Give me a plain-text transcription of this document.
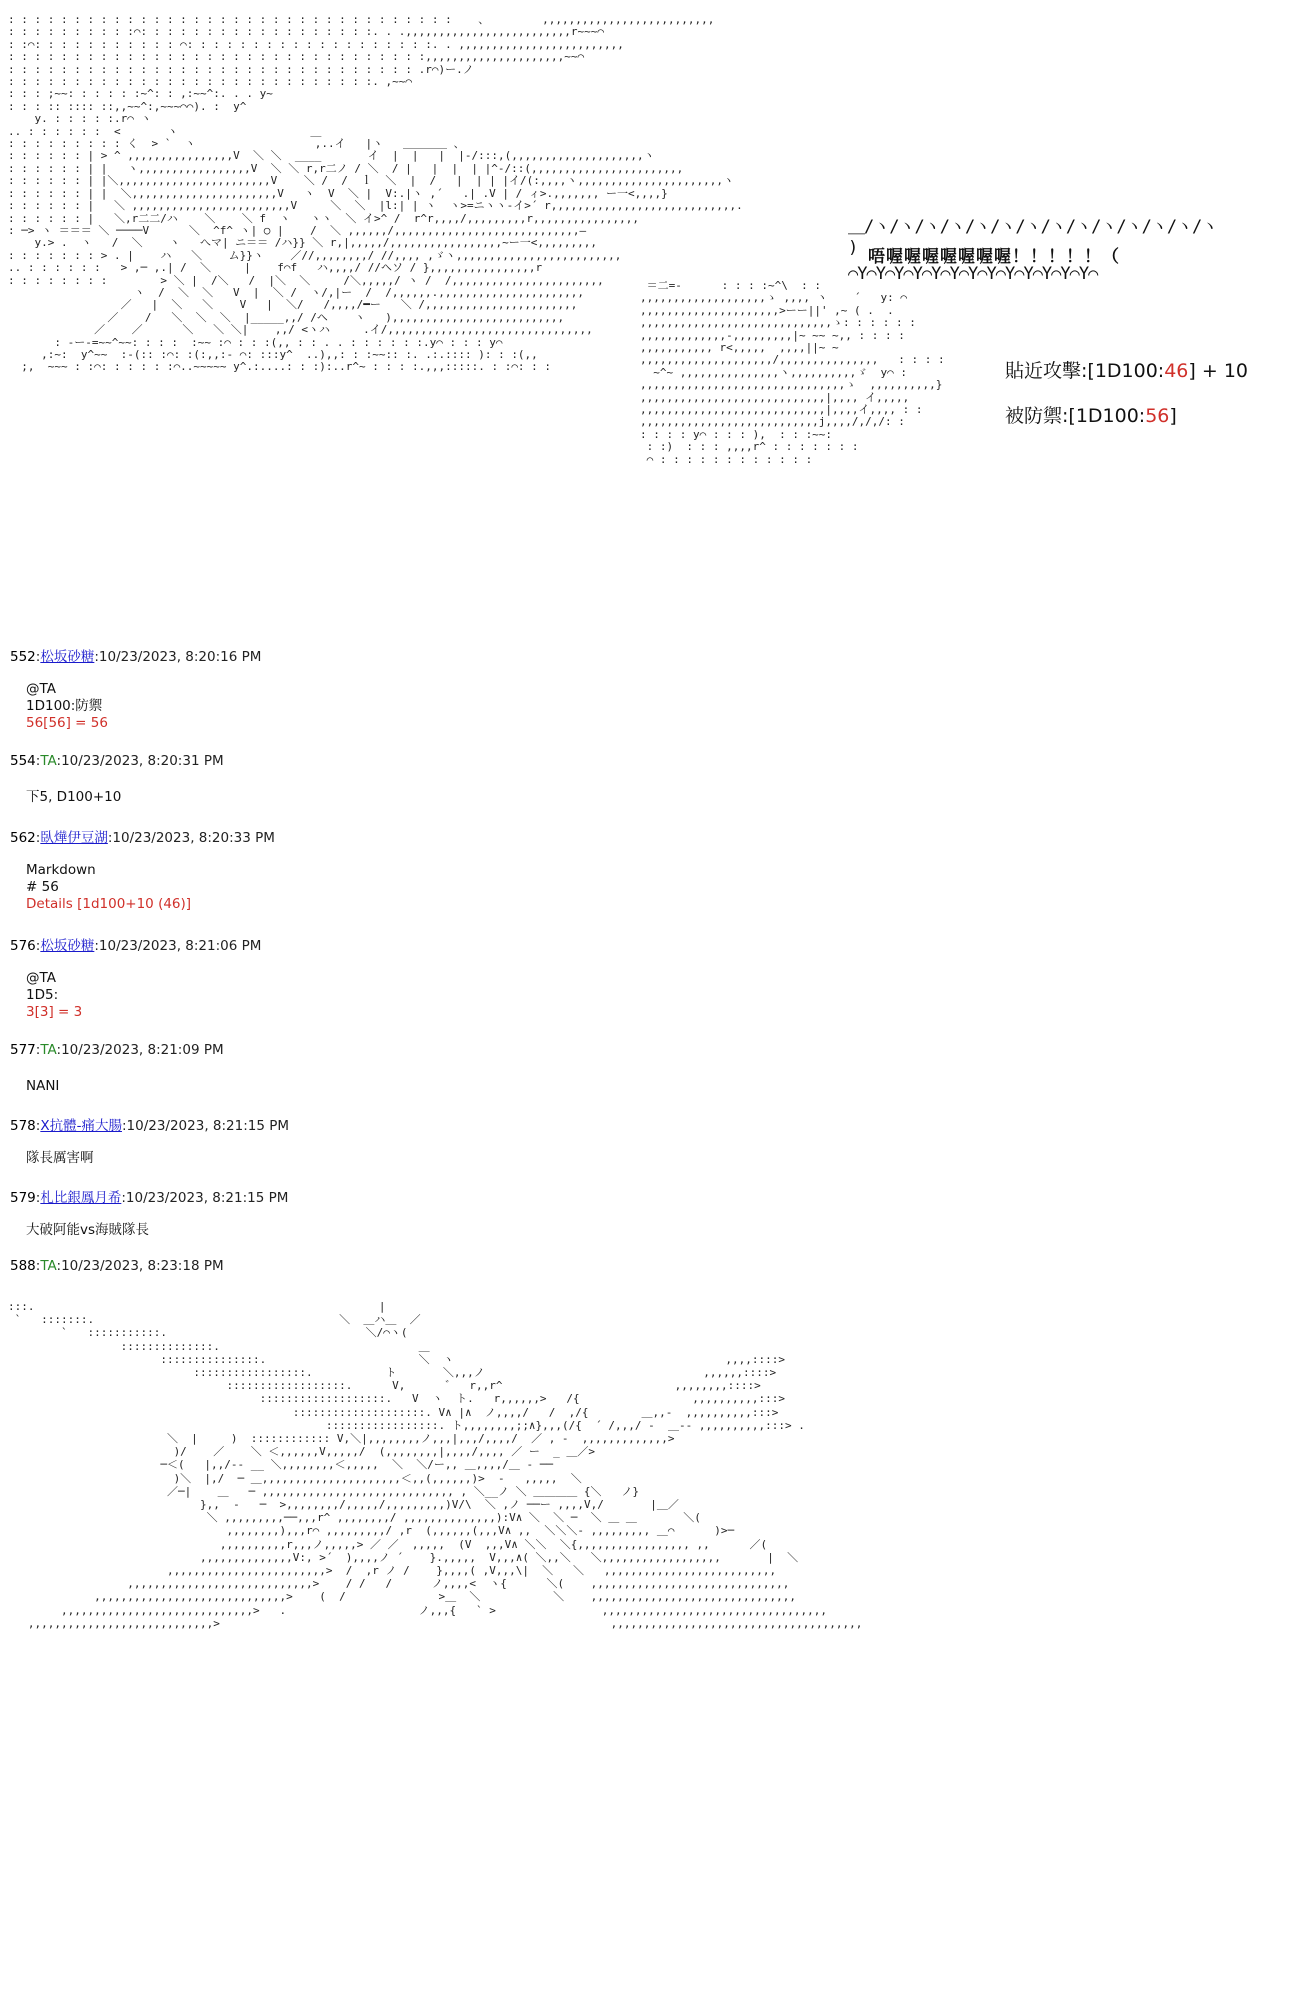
: : : : : : : : : : : : : : : : : : : : : : : : : : : : : : : : : :    、        ,,,,,,,,,,,,,,,,,,,,,,,,,,
: : : : : : : : : :⌒: : : : : : : : : : : : : : : : : :. . .,,,,,,,,,,,,,,,,,,,,,,,,,r~~~⌒
: :⌒: : : : : : : : : : : ⌒: : : : : : : : : : : : : : : : : : :. . ,,,,,,,,,,,,,,,,,,,,,,,,,
: : : : : : : : : : : : : : : : : : : : : : : : : : : : : : : :,,,,,,,,,,,,,,,,,,,,,~~⌒
: : : : : : : : : : : : : : : : : : : : : : : : : : : : : : : .r⌒)ー.ノ
: : : : : : : : : : : : : : : : : : : : : : : : : : : :. ,~~⌒
: : : ;~~: : : : : :~^: : ,:~~^:. . . y~
: : : :: :::: ::,,~~^:,~~~⌒⌒). :  y^
y. : : : : :.r⌒ ヽ
.. : : : : : :  <       ヽ                    ＿
: : : : : : : : : く  > `  ヽ                  ,..イ   |ヽ   ＿＿＿＿ 、
: : : : : : | > ^ ,,,,,,,,,,,,,,,,V  ＼ ＼  ____       イ  |  |   |  |-/:::,(,,,,,,,,,,,,,,,,,,,,ヽ
: : : : : : | |   ヽ,,,,,,,,,,,,,,,,,V  ＼ ＼ r,r二ノ / ＼  / |   |  |  | |^-/::(,,,,,,,,,,,,,,,,,,,,,,,
: : : : : : | |＼,,,,,,,,,,,,,,,,,,,,,,,V    ＼ /  /  ｌ  ＼  |  /   |  | | |イ/(:,,,,ヽ,,,,,,,,,,,,,,,,,,,,,,ヽ
: : : : : : | |  ＼,,,,,,,,,,,,,,,,,,,,,,V   ヽ  V  ＼ |  V:.|ヽ ,´   .| .V | / ィ>.,,,,,,, ー一<,,,,}
: : : : : : |   ＼ ,,,,,,,,,,,,,,,,,,,,,,,,V     ＼  ＼  |l:| | ヽ  ヽ>=ニヽヽ-イ>´ r,,,,,,,,,,,,,,,,,,,,,,,,,,,,.
: : : : : : |   ＼,r二二/ハ    ＼    ＼ f  ヽ   ヽヽ  ＼ イ>^ /  r^r,,,,/,,,,,,,,,r,,,,,,,,,,,,,,,,
: ─> ヽ ＝＝＝ ＼ ────V      ＼  ^f^ ヽ| ○ |    /  ＼ ,,,,,,/,,,,,,,,,,,,,,,,,,,,,,,,,,,,―
y.> .  ヽ   /  ＼    ヽ   へマ| ニ＝＝ /ハ}} ＼ r,|,,,,,/,,,,,,,,,,,,,,,,,~ー一<,,,,,,,,,
: : : : : : : > . |    ハ   ＼    ム}}ヽ    ／//,,,,,,,,/ //,,,, ,ゞヽ,,,,,,,,,,,,,,,,,,,,,,,,,
.. : : : : : :   > ,─ ,.| /  ＼     |    f⌒f   ハ,,,,/ //ヘソ / },,,,,,,,,,,,,,,,r
: : : : : : : :        > ＼ |  /＼   /  |＼  ＼     /＼,,,,,/ ヽ /  /,,,,,,,,,,,,,,,,,,,,,,,
ヽ  /  ＼  ＼   V  |  ＼ /  ヽ/,|ー  /  /,,,,,,.,,,,,,,,,,,,,,,,,,,,,,
／   |  ＼   ＼    V   |  ＼/   /,,,,/━ー   ＼ /,,,,,,,,,,,,,,,,,,,,,,,
／    /   ＼  ＼  ＼  |_____,,/ /ヘ    ヽ   ),,,,,,,,,,,,,,,,,,,,,,,,,,
／    ／      ＼   ＼ ＼|    ,,/ <ヽハ     .イ/,,,,,,,,,,,,,,,,,,,,,,,,,,,,,,,
: -ー-=~~^~~: : : :  :~~ :⌒ : : :(,, : : . . : : : : : :.y⌒ : : : y⌒
,:~:  y^~~  :-(:: :⌒: :(:,,:- ⌒: :::y^  ..),,: : :~~:: :. .:.:::: ): : :(,,
;,  ~~~ : :⌒: : : : : :⌒..~~~~~ y^.:....: : :):..r^~ : : : :.,,,:::::. : :⌒: : :

＝二=-      : : : :~^\  : :
,,,,,,,,,,,,,,,,,,,ゝ ,,,, ヽ    ´   y: ⌒
,,,,,,,,,,,,,,,,,,,,,>ーー||' ,~ ( .  .
,,,,,,,,,,,,,,,,,,,,,,,,,,,,,ゝ: : : : : :
,,,,,,,,,,,,,-,,,,,,,,,|~ ~~ ~,, : : : :
,,,,,,,,,,, r<,,,,,  ,,,,||~ ~
,,,,,,,,,,,,,,,,,,,,/,,,,,,,,,,,,,,,   : : : :
~^~ ,,,,,,,,,,,,,,,ヽ,,,,,,,,,,ゞ  y⌒ :
,,,,,,,,,,,,,,,,,,,,,,,,,,,,,,,ゝ  ,,,,,,,,,,}
,,,,,,,,,,,,,,,,,,,,,,,,,,,,|,,,, イ,,,,,
,,,,,,,,,,,,,,,,,,,,,,,,,,,,|,,,,イ,,,, : :
,,,,,,,,,,,,,,,,,,,,,,,,,,,j,,,,/,/,/: :
: : : : y⌒ : : : ),  : : :~~:
: :)  : : : ,,,,r^ : : : : : : :
⌒ : : : : : : : : : : : :

＿/ヽ/ヽ/ヽ/ヽ/ヽ/ヽ/ヽ/ヽ/ヽ/ヽ/ヽ/ヽ/ヽ/ヽ
) 唔喔喔喔喔喔喔喔！！！！！（
⌒Y⌒Y⌒Y⌒Y⌒Y⌒Y⌒Y⌒Y⌒Y⌒Y⌒Y⌒Y⌒Y⌒
貼近攻擊:[1D100:46] + 10
被防禦:[1D100:56]
552:松坂砂糖:10/23/2023, 8:20:16 PM
@TA
1D100:防禦
56[56] = 56
554:TA:10/23/2023, 8:20:31 PM
下5, D100+10
562:臥燁伊豆湖:10/23/2023, 8:20:33 PM
Markdown
# 56
Details [1d100+10 (46)]
576:松坂砂糖:10/23/2023, 8:21:06 PM
@TA
1D5:
3[3] = 3
577:TA:10/23/2023, 8:21:09 PM
NANI
578:X抗體-痛大腸:10/23/2023, 8:21:15 PM
隊長厲害啊
579:札比銀鳳月希:10/23/2023, 8:21:15 PM
大破阿能vs海賊隊長
588:TA:10/23/2023, 8:23:18 PM
:::.                                                    |
`   :::::::.                                     ＼  ＿ハ＿  ／
`   :::::::::::.                              ＼/⌒ヽ(
::::::::::::::.                              ＿
:::::::::::::::.                       ＼  ヽ                                         ,,,,::::>
:::::::::::::::::.           ト       ＼,,,ノ                                 ,,,,,,::::>
::::::::::::::::::.      V,      ゛  r,,r^                          ,,,,,,,,::::>
:::::::::::::::::::.   V  ヽ  ト.   r,,,,,,>   /{                 ,,,,,,,,,,:::>
::::::::::::::::::::. V∧ |∧  ノ,,,,/   /  ,/{        ＿,,-  ,,,,,,,,,,:::>
:::::::::::::::::. ト,,,,,,,,;;∧},,,(/{  ´ /,,,/ -  ＿-- ,,,,,,,,,,:::> .
＼  |     )  :::::::::::: V,＼|,,,,,,,,ノ,,,|,,,/,,,,/  ／ , -  ,,,,,,,,,,,,,>
)/    ／    ＼ ＜,,,,,,V,,,,,/  (,,,,,,,,|,,,,/,,,, ／ ー  _ ＿／>
─＜(   |,,/-- __ ＼,,,,,,,,＜,,,,,  ＼  ＼/ー,, ＿,,,,/＿ - ──
)＼  |,/  ─ ＿,,,,,,,,,,,,,,,,,,,,,＜,,(,,,,,,)>  -   ,,,,,  ＼
／─|    ＿   ─ ,,,,,,,,,,,,,,,,,,,,,,,,,,,,, , ＼__ノ ＼ ＿＿＿＿ {＼   ノ}
},,  -   ─  >,,,,,,,,/,,,,,/,,,,,,,,,)V/\  ＼ ,ノ ──ー ,,,,V,/       |＿／
＼ ,,,,,,,,,──,,,r^ ,,,,,,,,/ ,,,,,,,,,,,,,,):V∧ ＼  ＼ ─  ＼ ＿ ＿       ＼(
,,,,,,,,),,,r⌒ ,,,,,,,,,/ ,r  (,,,,,,(,,,V∧ ,,  ＼＼＼- ,,,,,,,,, ＿⌒      )>─
,,,,,,,,,,r,,,ノ,,,,,> ／ ／  ,,,,,  (V  ,,,V∧ ＼＼  ＼{,,,,,,,,,,,,,,,,, ,,      ／(
,,,,,,,,,,,,,,V:, >´  ),,,,ノ ´    }.,,,,,  V,,,∧( ＼,,＼   ＼,,,,,,,,,,,,,,,,,,       |  ＼
,,,,,,,,,,,,,,,,,,,,,,,,>  /  ,r ノ /    },,,,( ,V,,,\|  ＼   ＼   ,,,,,,,,,,,,,,,,,,,,,,,,,,
,,,,,,,,,,,,,,,,,,,,,,,,,,,,>    / /   /      ノ,,,,<  ヽ{      ＼(    ,,,,,,,,,,,,,,,,,,,,,,,,,,,,,,
,,,,,,,,,,,,,,,,,,,,,,,,,,,,,>    (  /              >＿  ＼           ＼    ,,,,,,,,,,,,,,,,,,,,,,,,,,,,,,,
,,,,,,,,,,,,,,,,,,,,,,,,,,,,,>   .                    ノ,,,{   ` >                ,,,,,,,,,,,,,,,,,,,,,,,,,,,,,,,,,,
,,,,,,,,,,,,,,,,,,,,,,,,,,,,>                                                           ,,,,,,,,,,,,,,,,,,,,,,,,,,,,,,,,,,,,,,
